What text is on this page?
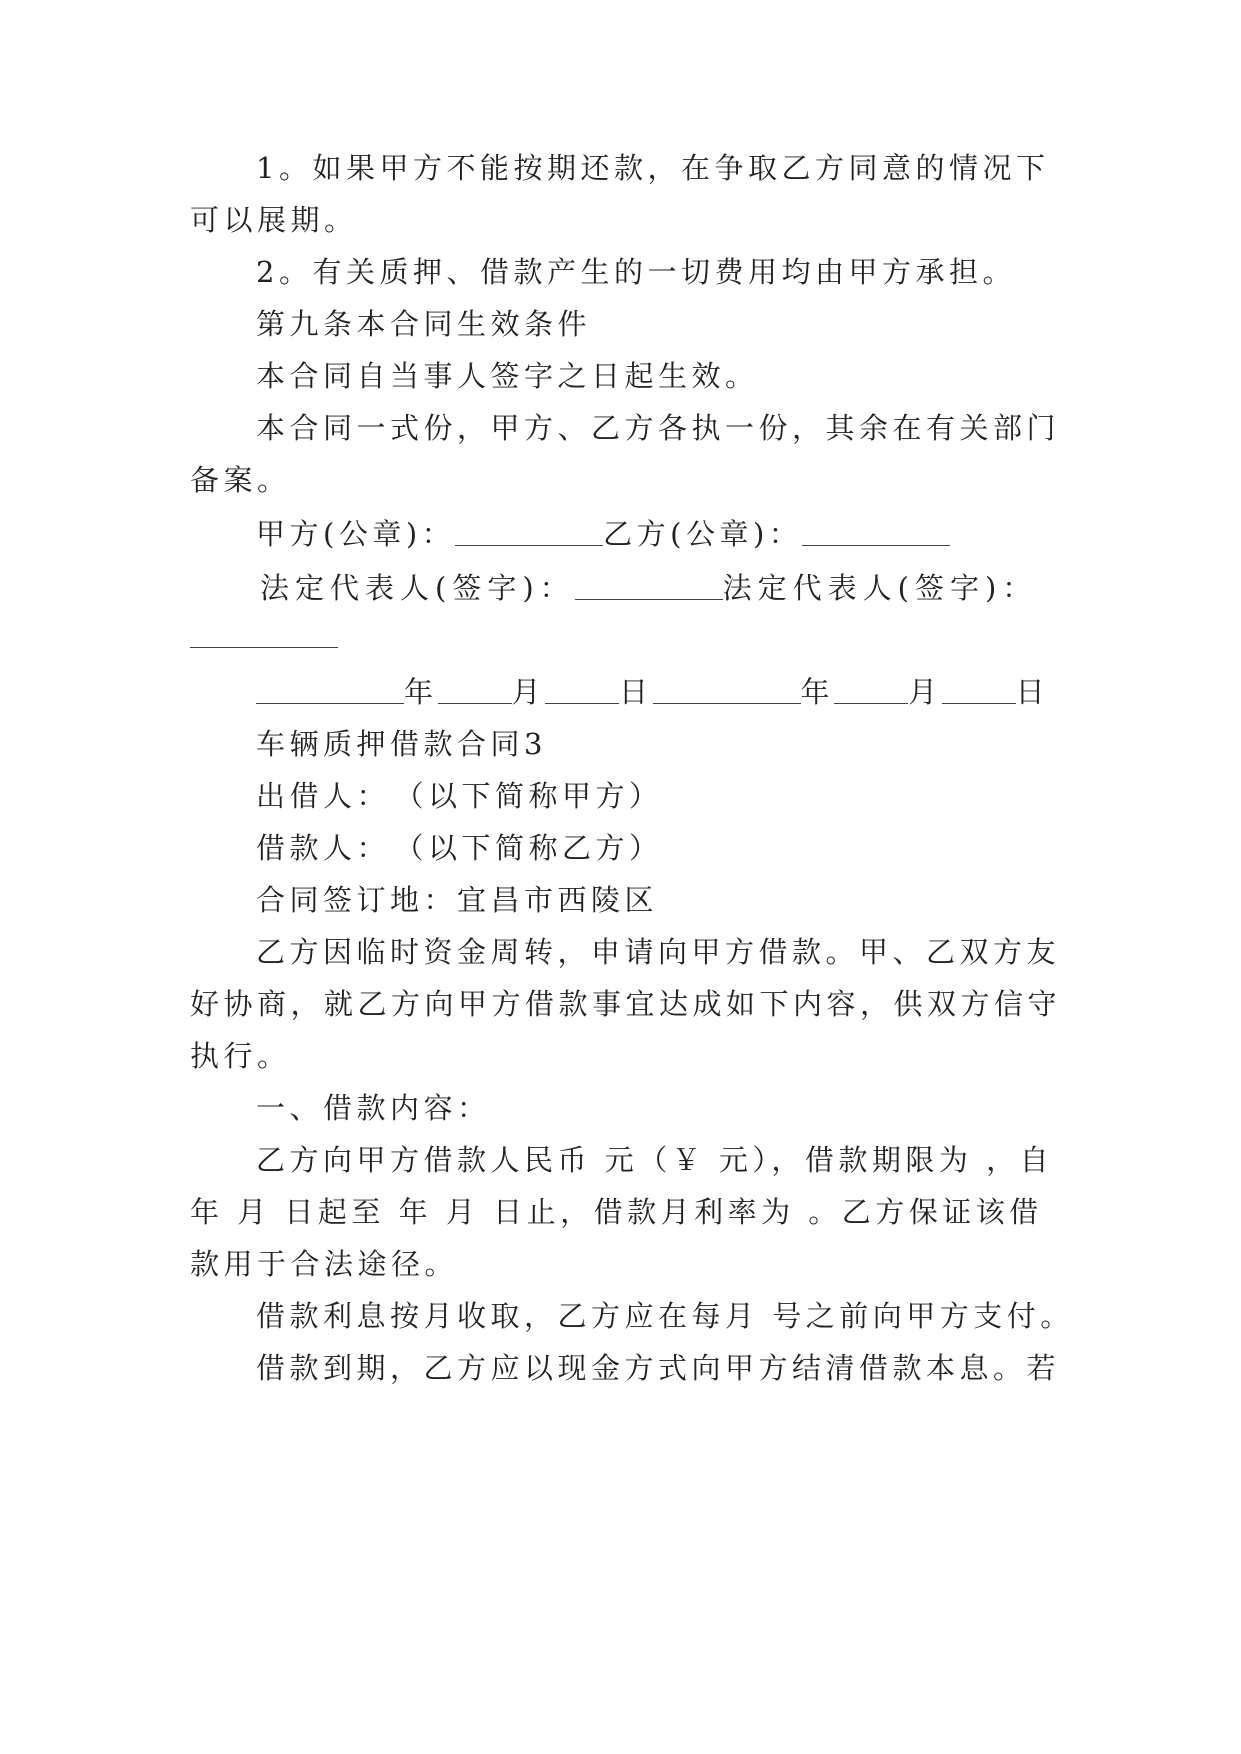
1。如果甲方不能按期还款，在争取乙方同意的情况下
可以展期。
2。有关质押、借款产生的一切费用均由甲方承担。
第九条本合同生效条件
本合同自当事人签字之日起生效。
本合同一式份，甲方、乙方各执一份，其余在有关部门
备案。
甲方(公章)：	乙方(公章)：
法定代表人(签字)：	法定代表人(签字)：
年	月	日	年	月	日
车辆质押借款合同3
出借人：　（以下简称甲方）
借款人：　（以下简称乙方）
合同签订地：宜昌市西陵区
乙方因临时资金周转，申请向甲方借款。甲、乙双方友
好协商，就乙方向甲方借款事宜达成如下内容，供双方信守
执行。
一、借款内容：
乙方向甲方借款人民币 元（￥ 元），借款期限为 ，自
年 月 日起至 年 月 日止，借款月利率为 。乙方保证该借
款用于合法途径。
借款利息按月收取，乙方应在每月 号之前向甲方支付。
借款到期，乙方应以现金方式向甲方结清借款本息。若
